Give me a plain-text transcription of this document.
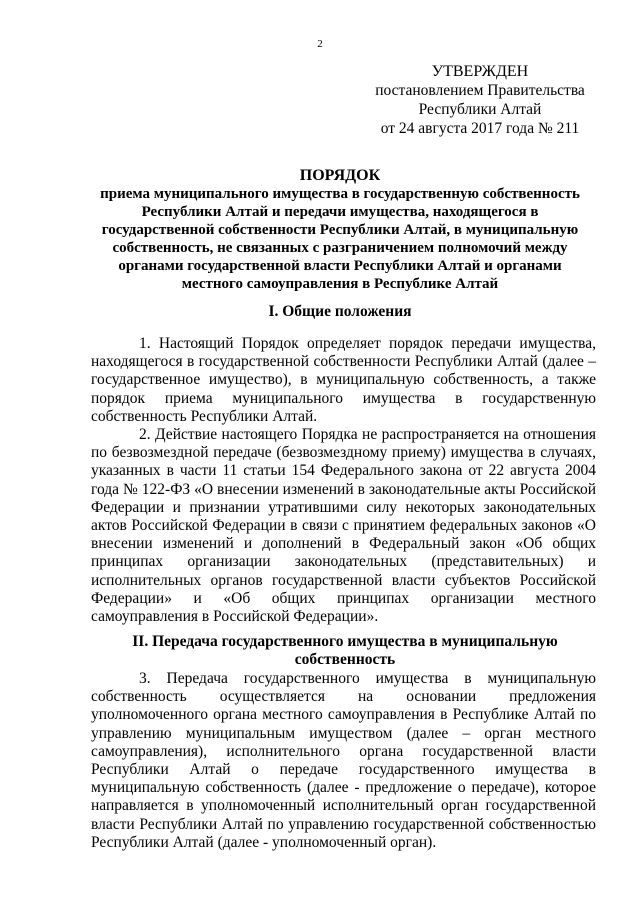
2
УТВЕРЖДЕН
постановлением Правительства
Республики Алтай
от 24 августа 2017 года № 211
ПОРЯДОК
приема муниципального имущества в государственную собственность
Республики Алтай и передачи имущества, находящегося в
государственной собственности Республики Алтай, в муниципальную
собственность, не связанных с разграничением полномочий между
органами государственной власти Республики Алтай и органами
местного самоуправления в Республике Алтай
I. Общие положения

1. Настоящий Порядок определяет порядок передачи имущества, находящегося в государственной собственности Республики Алтай (далее – государственное имущество), в муниципальную собственность, а также порядок приема муниципального имущества в государственную собственность Республики Алтай.

2. Действие настоящего Порядка не распространяется на отношения по безвозмездной передаче (безвозмездному приему) имущества в случаях, указанных в части 11 статьи 154 Федерального закона от 22 августа 2004 года № 122-ФЗ «О внесении изменений в законодательные акты Российской Федерации и признании утратившими силу некоторых законодательных актов Российской Федерации в связи с принятием федеральных законов «О внесении изменений и дополнений в Федеральный закон «Об общих принципах организации законодательных (представительных) и исполнительных органов государственной власти субъектов Российской Федерации» и «Об общих принципах организации местного самоуправления в Российской Федерации».

II. Передача государственного имущества в муниципальную
собственность

3. Передача государственного имущества в муниципальную собственность осуществляется на основании предложения уполномоченного органа местного самоуправления в Республике Алтай по управлению муниципальным имуществом (далее – орган местного самоуправления), исполнительного органа государственной власти Республики Алтай о передаче государственного имущества в муниципальную собственность (далее - предложение о передаче), которое направляется в уполномоченный исполнительный орган государственной власти Республики Алтай по управлению государственной собственностью Республики Алтай (далее - уполномоченный орган).
